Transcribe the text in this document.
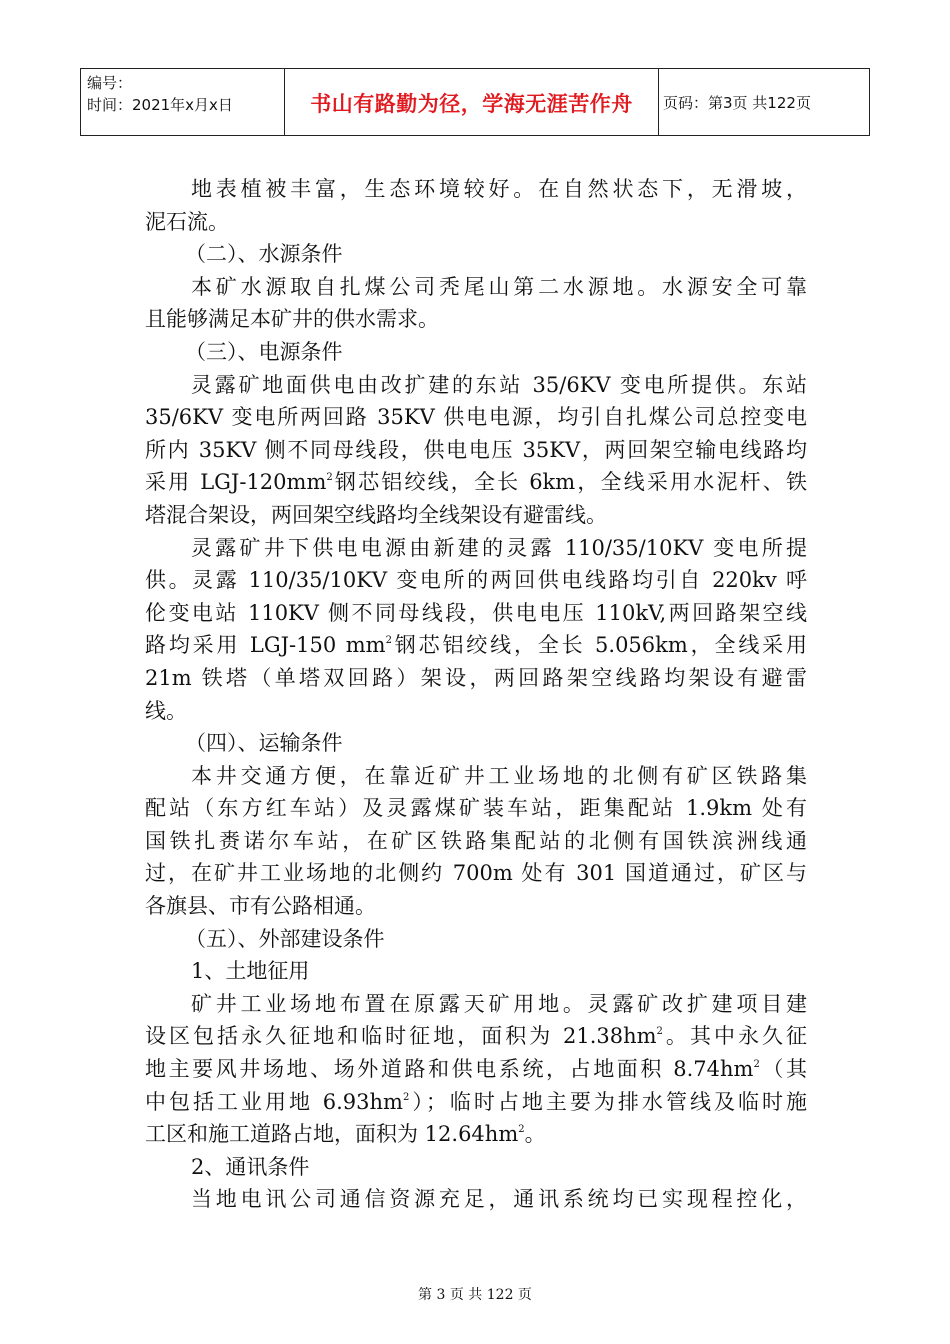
编号：
时间：2021年x月x日	书山有路勤为径，学海无涯苦作舟 页码：第3页 共122页
地表植被丰富，生态环境较好。在自然状态下，无滑坡，
泥石流。
（二）、水源条件
本矿水源取自扎煤公司秃尾山第二水源地。水源安全可靠
且能够满足本矿井的供水需求。
（三）、电源条件
灵露矿地面供电由改扩建的东站 35/6KV 变电所提供。东站
35/6KV 变电所两回路 35KV 供电电源，均引自扎煤公司总控变电
所内 35KV 侧不同母线段，供电电压 35KV，两回架空输电线路均
采用 LGJ-$120mm^2$钢芯铝绞线，全长 6km，全线采用水泥杆、铁
塔混合架设，两回架空线路均全线架设有避雷线。
灵露矿井下供电电源由新建的灵露 110/35/10KV 变电所提
供。灵露 110/35/10KV 变电所的两回供电线路均引自 220kv 呼
伦变电站 110KV 侧不同母线段，供电电压 110kV,两回路架空线
路均采用 LGJ-150 $mm^2$钢芯铝绞线，全长 5.056km，全线采用
21m 铁塔（单塔双回路）架设，两回路架空线路均架设有避雷
线。
（四）、运输条件
本井交通方便，在靠近矿井工业场地的北侧有矿区铁路集
配站（东方红车站）及灵露煤矿装车站，距集配站 1.9km 处有
国铁扎赉诺尔车站，在矿区铁路集配站的北侧有国铁滨洲线通
过，在矿井工业场地的北侧约 700m 处有 301 国道通过，矿区与
各旗县、市有公路相通。
（五）、外部建设条件
1、土地征用
矿井工业场地布置在原露天矿用地。灵露矿改扩建项目建
设区包括永久征地和临时征地，面积为 $21.38hm^2$。其中永久征
地主要风井场地、场外道路和供电系统，占地面积 $8.74hm^2$（其
中包括工业用地 $6.93hm^2$）；临时占地主要为排水管线及临时施
工区和施工道路占地，面积为 $12.64hm^2$。
2、通讯条件
当地电讯公司通信资源充足，通讯系统均已实现程控化，
第 3 页 共 122 页
